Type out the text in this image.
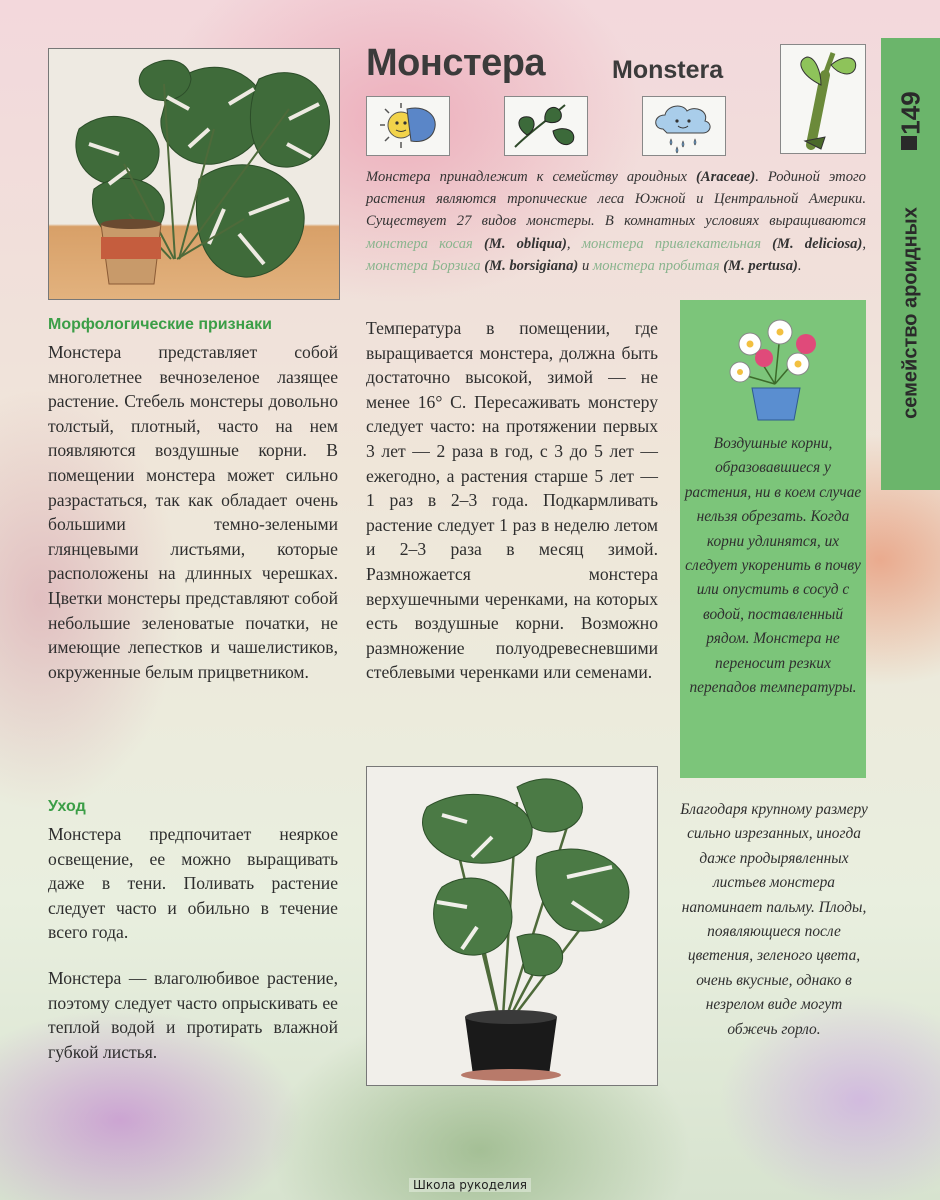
149
семейство ароидных
Монстера	Monstera
Монстера принадлежит к семейству ароидных (Araceae). Родиной этого растения являются тропические леса Южной и Центральной Америки. Существует 27 видов монстеры. В комнатных условиях выращиваются монстера косая (M. obliqua), монстера привлекательная (M. deliciosa), монстера Борзига (M. borsigiana) и монстера пробитая (M. pertusa).
Морфологические признаки
Монстера представляет собой многолетнее вечнозеленое лазящее растение. Стебель монстеры довольно толстый, плотный, часто на нем появляются воздушные корни. В помещении монстера может сильно разрастаться, так как обладает очень большими темно-зелеными глянцевыми листьями, которые расположены на длинных черешках. Цветки монстеры представляют собой небольшие зеленоватые початки, не имеющие лепестков и чашелистиков, окруженные белым прицветником.
Уход
Монстера предпочитает неяркое освещение, ее можно выращивать даже в тени. Поливать растение следует часто и обильно в течение всего года.
Монстера — влаголюбивое растение, поэтому следует часто опрыскивать ее теплой водой и протирать влажной губкой листья.
Температура в помещении, где выращивается монстера, должна быть достаточно высокой, зимой — не менее 16° С. Пересаживать монстеру следует часто: на протяжении первых 3 лет — 2 раза в год, с 3 до 5 лет — ежегодно, а растения старше 5 лет — 1 раз в 2–3 года. Подкармливать растение следует 1 раз в неделю летом и 2–3 раза в месяц зимой. Размножается монстера верхушечными черенками, на которых есть воздушные корни. Возможно размножение полуодревесневшими стеблевыми черенками или семенами.
Воздушные корни, образовавшиеся у растения, ни в коем случае нельзя обрезать. Когда корни удлинятся, их следует укоренить в почву или опустить в сосуд с водой, поставленный рядом. Монстера не переносит резких перепадов температуры.
Благодаря крупному размеру сильно изрезанных, иногда даже продырявленных листьев монстера напоминает пальму. Плоды, появляющиеся после цветения, зеленого цвета, очень вкусные, однако в незрелом виде могут обжечь горло.
Школа рукоделия
